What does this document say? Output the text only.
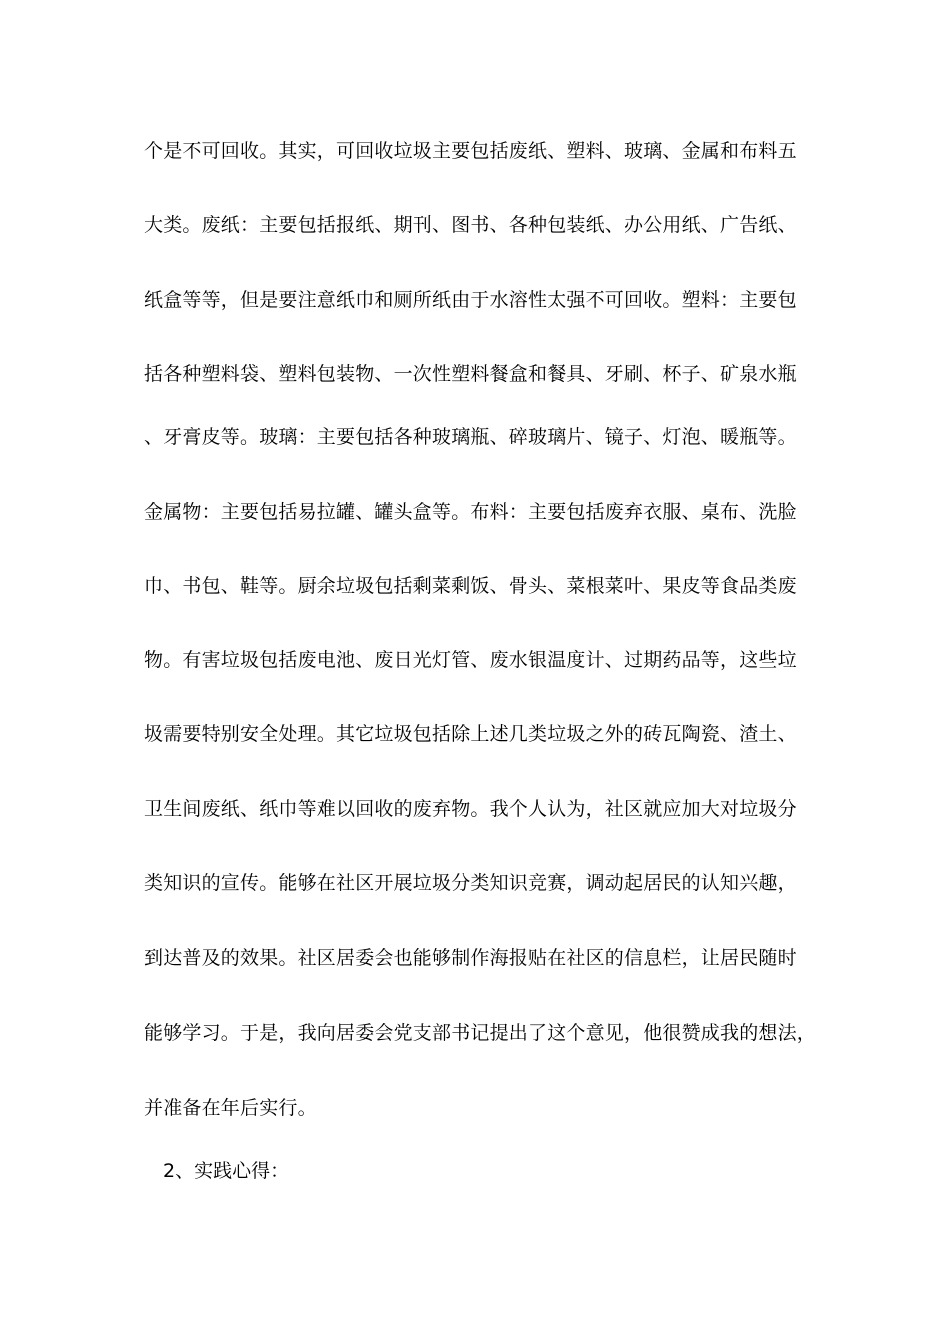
个是不可回收。其实，可回收垃圾主要包括废纸、塑料、玻璃、金属和布料五
大类。废纸：主要包括报纸、期刊、图书、各种包装纸、办公用纸、广告纸、
纸盒等等，但是要注意纸巾和厕所纸由于水溶性太强不可回收。塑料：主要包
括各种塑料袋、塑料包装物、一次性塑料餐盒和餐具、牙刷、杯子、矿泉水瓶
、牙膏皮等。玻璃：主要包括各种玻璃瓶、碎玻璃片、镜子、灯泡、暖瓶等。
金属物：主要包括易拉罐、罐头盒等。布料：主要包括废弃衣服、桌布、洗脸
巾、书包、鞋等。厨余垃圾包括剩菜剩饭、骨头、菜根菜叶、果皮等食品类废
物。有害垃圾包括废电池、废日光灯管、废水银温度计、过期药品等，这些垃
圾需要特别安全处理。其它垃圾包括除上述几类垃圾之外的砖瓦陶瓷、渣土、
卫生间废纸、纸巾等难以回收的废弃物。我个人认为，社区就应加大对垃圾分
类知识的宣传。能够在社区开展垃圾分类知识竞赛，调动起居民的认知兴趣，
到达普及的效果。社区居委会也能够制作海报贴在社区的信息栏，让居民随时
能够学习。于是，我向居委会党支部书记提出了这个意见，他很赞成我的想法，
并准备在年后实行。
2、实践心得：
